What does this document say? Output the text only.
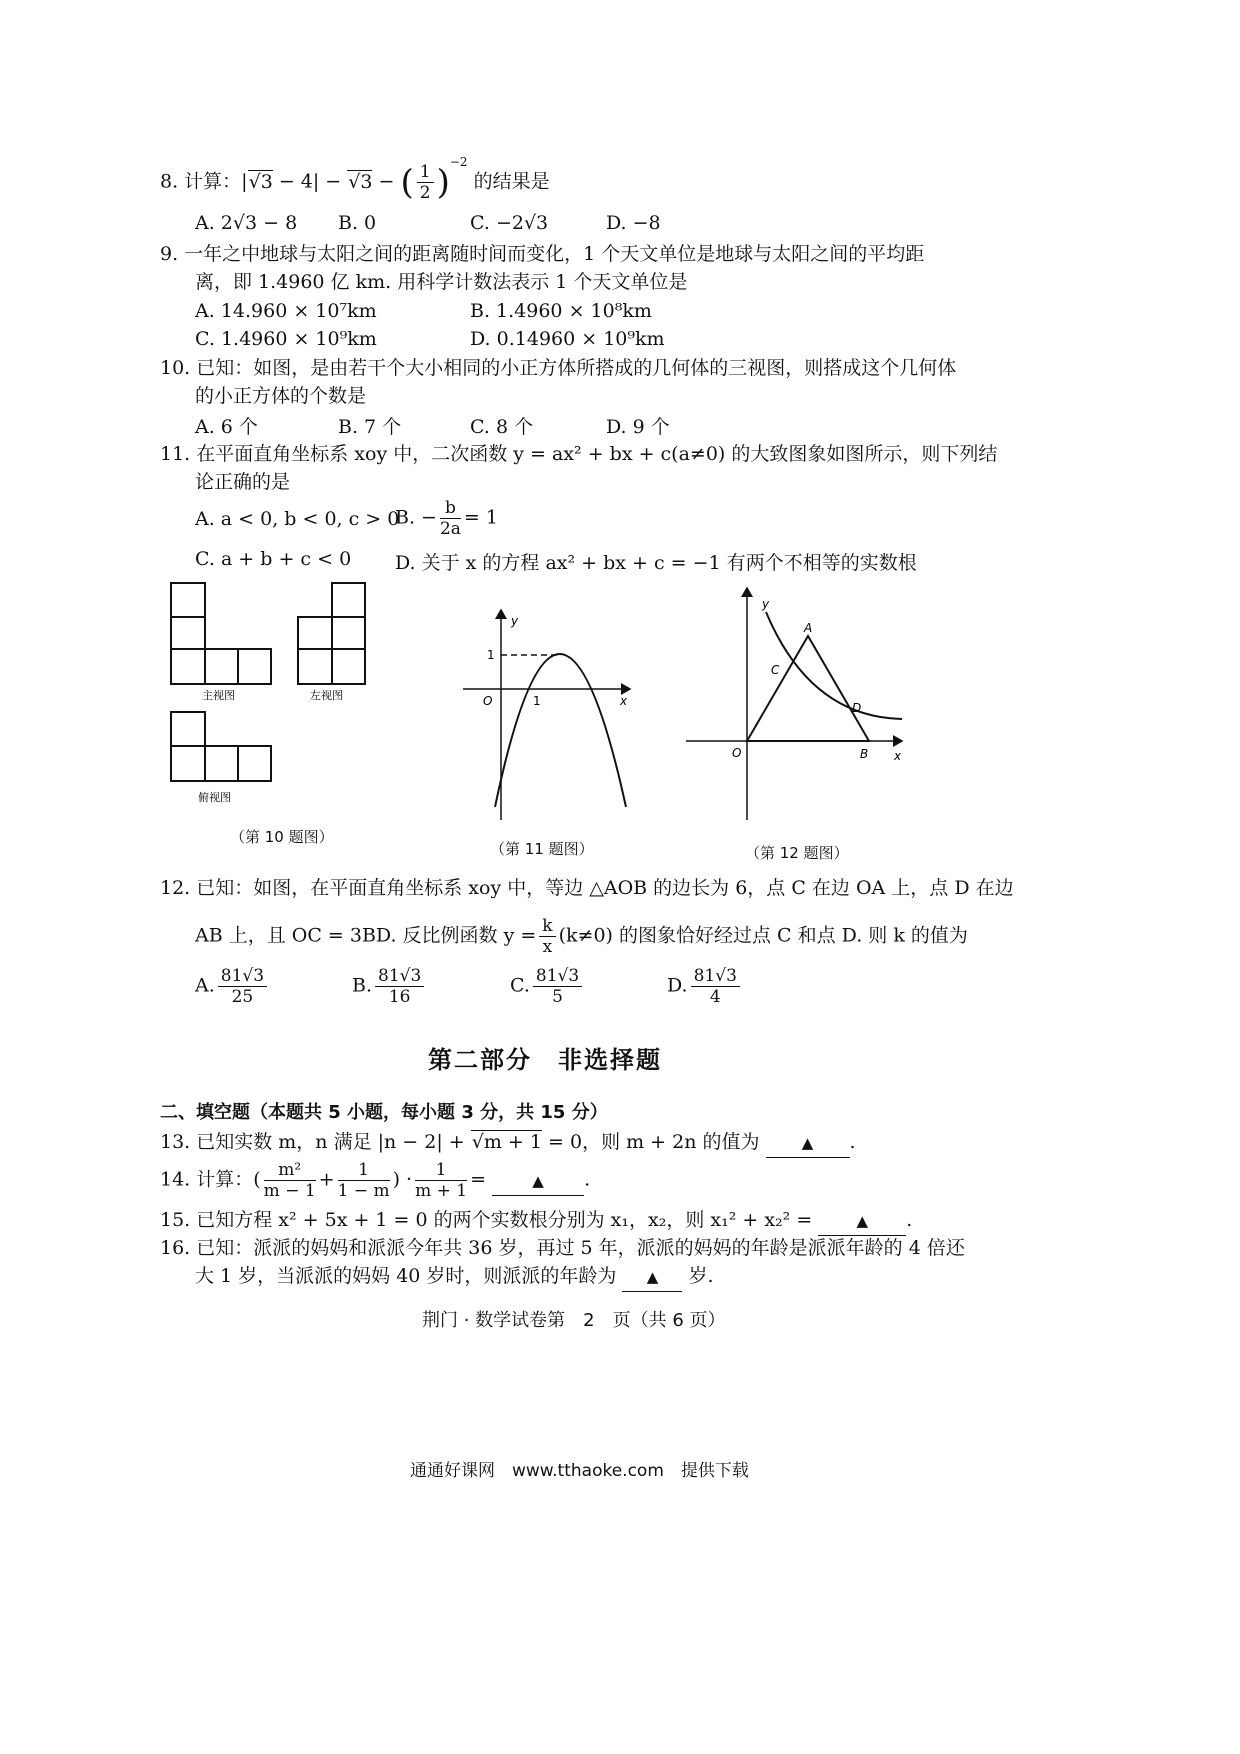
8. 计算：|√3 − 4| − √3 − ( $\frac{1}{2} )^{-2}$ 的结果是
A. 2√3 − 8 B. 0	C. −2√3	D. −8
9. 一年之中地球与太阳之间的距离随时间而变化，1 个天文单位是地球与太阳之间的平均距
离，即 1.4960 亿 km. 用科学计数法表示 1 个天文单位是
A. 14.960 × 10⁷km	B. 1.4960 × 10⁸km
C. 1.4960 × 10⁹km	D. 0.14960 × 10⁹km
10. 已知：如图，是由若干个大小相同的小正方体所搭成的几何体的三视图，则搭成这个几何体
的小正方体的个数是
A. 6 个	B. 7 个	C. 8 个	D. 9 个
11. 在平面直角坐标系 xoy 中，二次函数 y = ax² + bx + c(a≠0) 的大致图象如图所示，则下列结
论正确的是
A. a < 0, b < 0, c > 0
B. − $\frac{b}{2a} = 1$
C. a + b + c < 0 D. 关于 x 的方程 ax² + bx + c = −1 有两个不相等的实数根
主视图	左视图
俯视图
（第 10 题图）
y
x
O	1
1
（第 11 题图）
y
x
O
A
B
C
D
（第 12 题图）
12. 已知：如图，在平面直角坐标系 xoy 中，等边 △AOB 的边长为 6，点 C 在边 OA 上，点 D 在边
AB 上，且 OC = 3BD. 反比例函数 $y = \frac{k}{x} (k\ne 0)$ 的图象恰好经过点 C 和点 D. 则 k 的值为
A. $\frac{81√3}{25}$	B. $\frac{81√3}{16}$	C. $\frac{81√3}{5}$	D. $\frac{81√3}{4}$
第二部分　非选择题
二、填空题（本题共 5 小题，每小题 3 分，共 15 分）
13. 已知实数 m，n 满足 |n − 2| + √m + 1 = 0，则 m + 2n 的值为	▲ .
14. 计算：( $\frac{\text{m²}}{m - 1} + \frac{1}{1 - m}$ ) · $\frac{1}{m + 1}$ =	▲ .
15. 已知方程 x² + 5x + 1 = 0 的两个实数根分别为 x₁，x₂，则 x₁² + x₂² =	▲ .
16. 已知：派派的妈妈和派派今年共 36 岁，再过 5 年，派派的妈妈的年龄是派派年龄的 4 倍还
大 1 岁，当派派的妈妈 40 岁时，则派派的年龄为 ▲ 岁.
荆门 · 数学试卷第　2　页（共 6 页）
通通好课网　www.tthaoke.com　提供下载
